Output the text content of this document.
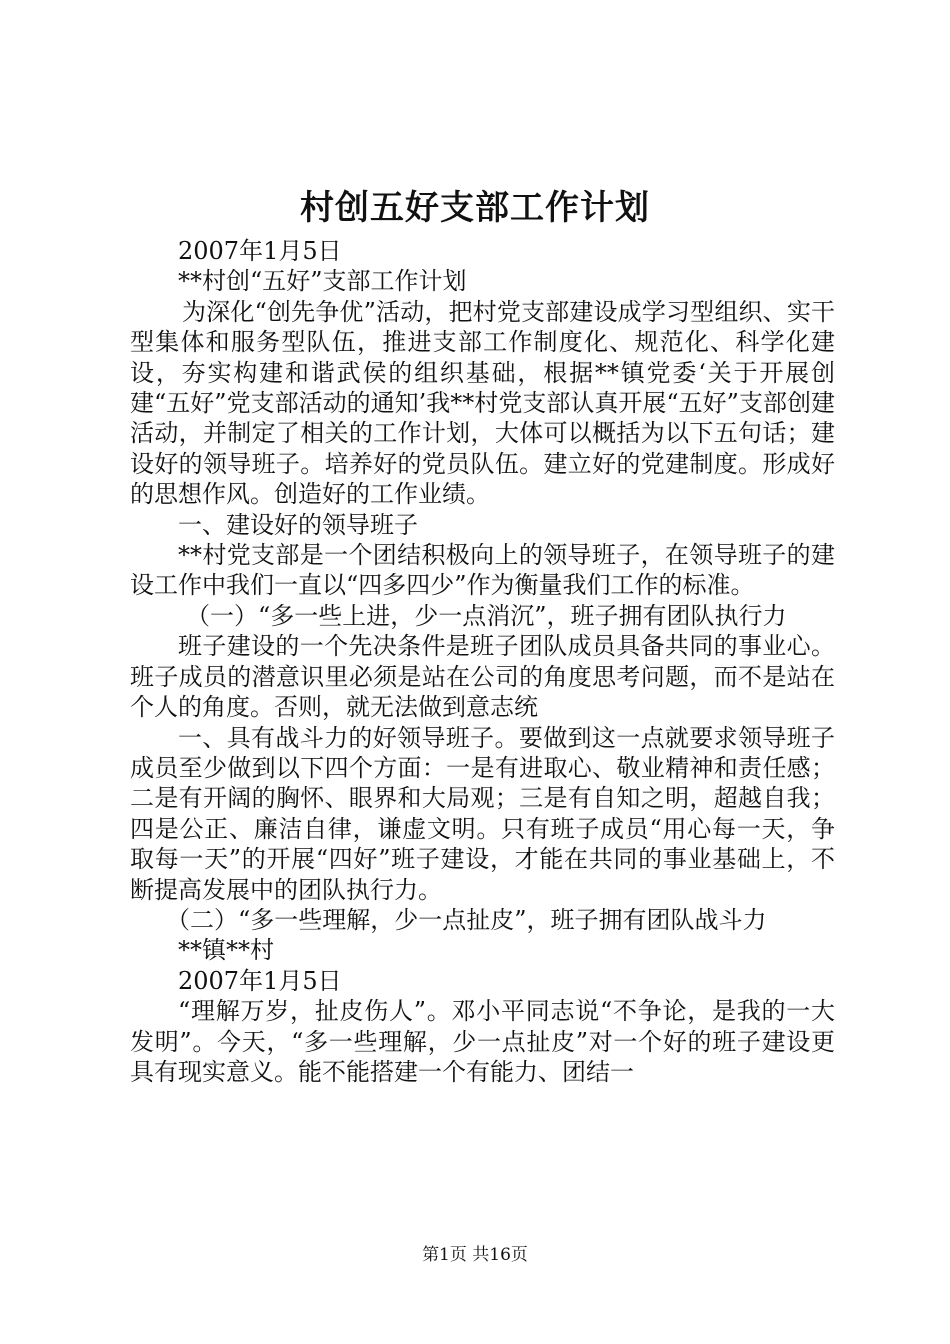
村创五好支部工作计划

2007年1月5日

**村创“五好”支部工作计划

为深化“创先争优”活动，把村党支部建设成学习型组织、实干型集体和服务型队伍，推进支部工作制度化、规范化、科学化建设，夯实构建和谐武侯的组织基础，根据**镇党委‘关于开展创建“五好”党支部活动的通知’我**村党支部认真开展“五好”支部创建活动，并制定了相关的工作计划，大体可以概括为以下五句话；建设好的领导班子。培养好的党员队伍。建立好的党建制度。形成好的思想作风。创造好的工作业绩。

一、建设好的领导班子

**村党支部是一个团结积极向上的领导班子，在领导班子的建设工作中我们一直以“四多四少”作为衡量我们工作的标准。

（一）“多一些上进，少一点消沉”，班子拥有团队执行力

班子建设的一个先决条件是班子团队成员具备共同的事业心。班子成员的潜意识里必须是站在公司的角度思考问题，而不是站在个人的角度。否则，就无法做到意志统

一、具有战斗力的好领导班子。要做到这一点就要求领导班子成员至少做到以下四个方面：一是有进取心、敬业精神和责任感；二是有开阔的胸怀、眼界和大局观；三是有自知之明，超越自我；四是公正、廉洁自律，谦虚文明。只有班子成员“用心每一天，争取每一天”的开展“四好”班子建设，才能在共同的事业基础上，不断提高发展中的团队执行力。

（二）“多一些理解，少一点扯皮”，班子拥有团队战斗力

**镇**村

2007年1月5日

“理解万岁，扯皮伤人”。邓小平同志说“不争论，是我的一大发明”。今天，“多一些理解，少一点扯皮”对一个好的班子建设更具有现实意义。能不能搭建一个有能力、团结一

第1页 共16页
